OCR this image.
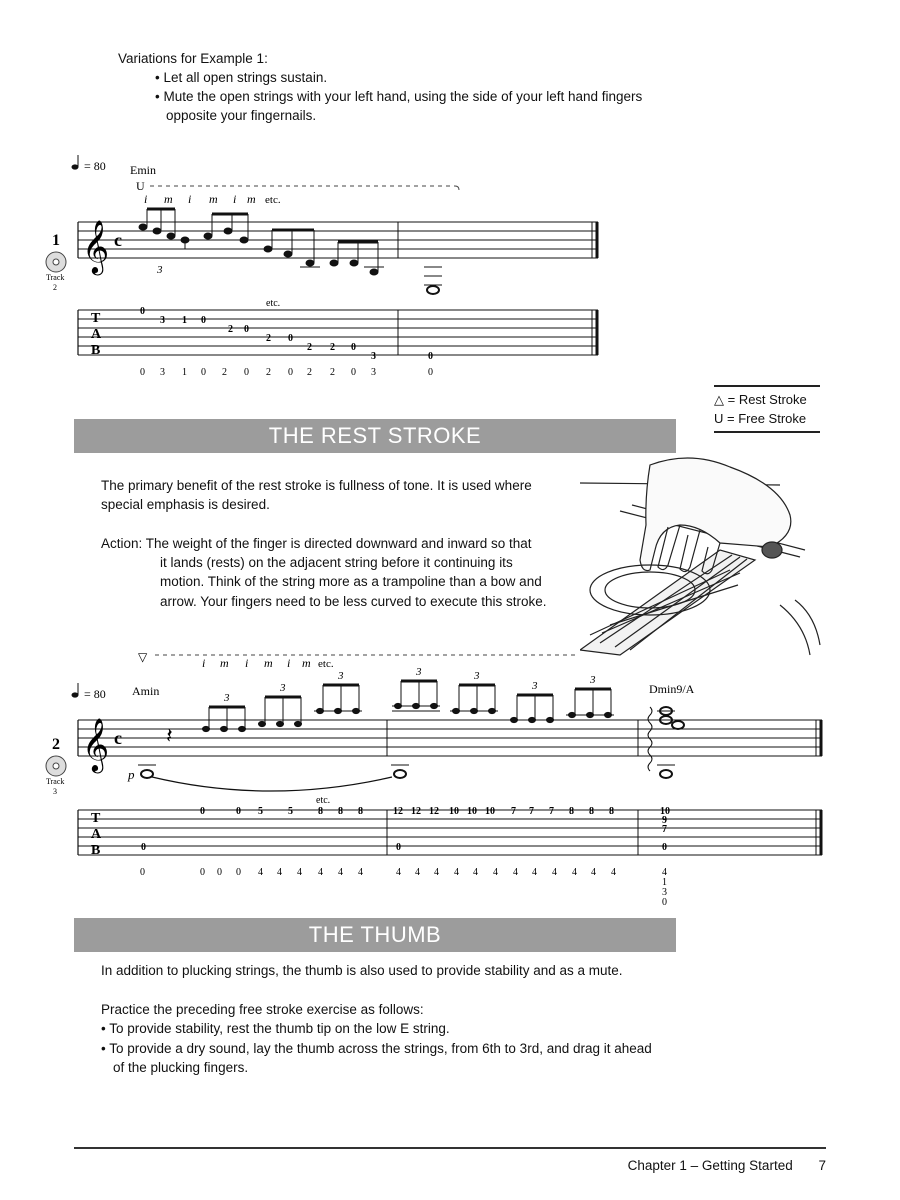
Variations for Example 1:
• Let all open strings sustain.
• Mute the open strings with your left hand, using the side of your left hand fingers
opposite your fingernails.
= 80 Emin
U
i m i m i m etc.
𝄞 c
3
1
Track
2
T
A
B
0
3 1 0
2 0
2 0
2 2 0
3	0
etc.
0 3 1 0 2 0 2 0 2 2 0 3	0
△ = Rest Stroke
U = Free Stroke
THE REST STROKE
The primary benefit of the rest stroke is fullness of tone. It is used where
special emphasis is desired.
Action: The weight of the finger is directed downward and inward so that
it lands (rests) on the adjacent string before it continuing its
motion. Think of the string more as a trampoline than a bow and
arrow. Your fingers need to be less curved to execute this stroke.
▽	i m i m i m etc.
= 80 Amin	Dmin9/A
𝄞 c 𝄽
3
3
3	3	3
3	3
p
2
Track
3
T
A
B
etc.
0	0 5	5	8 8 8	12 12 12 10 10 10 7 7 7 8 8 8	10
9
7
0
0	0
0	0 0 0 4 4 4 4 4 4	4 4 4 4 4 4 4 4 4 4 4 4	4
1
3
0
THE THUMB
In addition to plucking strings, the thumb is also used to provide stability and as a mute.
Practice the preceding free stroke exercise as follows:
• To provide stability, rest the thumb tip on the low E string.
• To provide a dry sound, lay the thumb across the strings, from 6th to 3rd, and drag it ahead
of the plucking fingers.
Chapter 1 – Getting Started 7
